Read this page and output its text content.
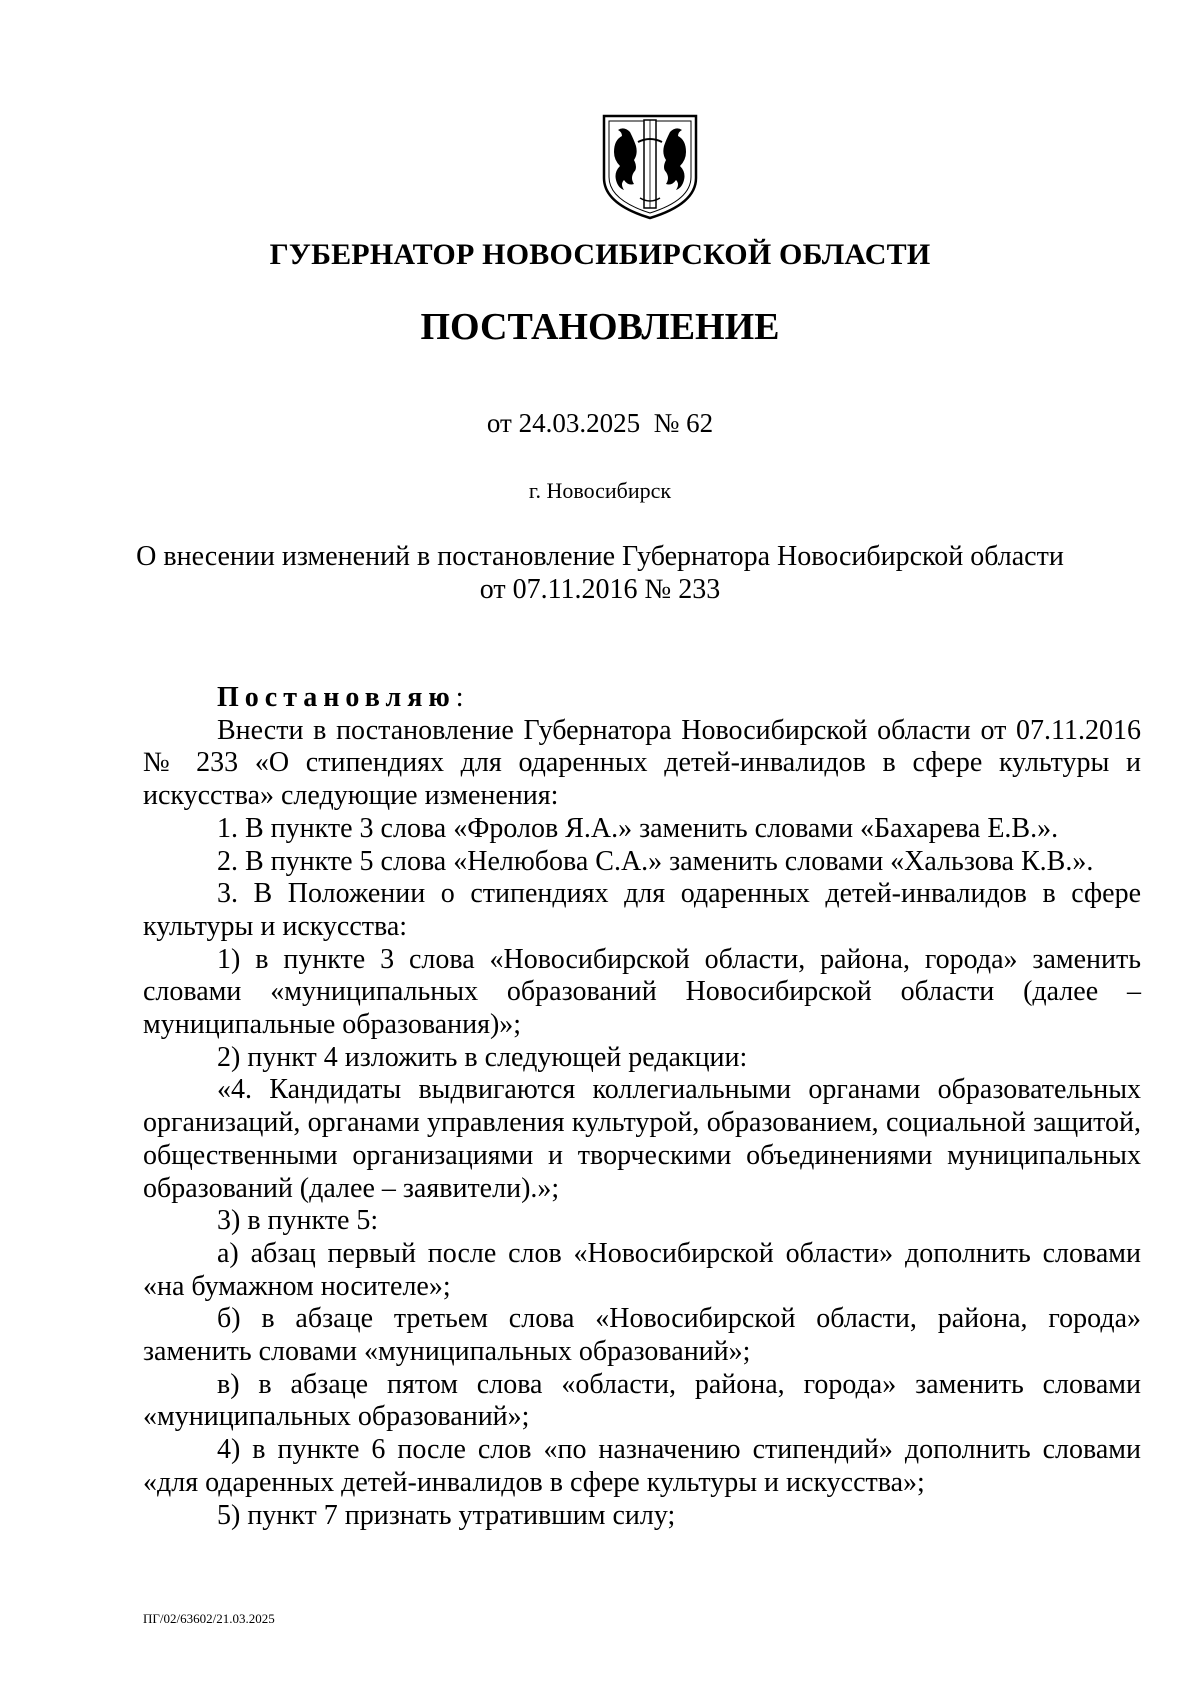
ГУБЕРНАТОР НОВОСИБИРСКОЙ ОБЛАСТИ
ПОСТАНОВЛЕНИЕ
от 24.03.2025  № 62
г. Новосибирск
О внесении изменений в постановление Губернатора Новосибирской области
от 07.11.2016 № 233

Постановляю:

Внести в постановление Губернатора Новосибирской области от 07.11.2016 № 233 «О стипендиях для одаренных детей-инвалидов в сфере культуры и искусства» следующие изменения:

1. В пункте 3 слова «Фролов Я.А.» заменить словами «Бахарева Е.В.».

2. В пункте 5 слова «Нелюбова С.А.» заменить словами «Хальзова К.В.».

3. В Положении о стипендиях для одаренных детей-инвалидов в сфере культуры и искусства:

1) в пункте 3 слова «Новосибирской области, района, города» заменить словами «муниципальных образований Новосибирской области (далее – муниципальные образования)»;

2) пункт 4 изложить в следующей редакции:

«4. Кандидаты выдвигаются коллегиальными органами образовательных организаций, органами управления культурой, образованием, социальной защитой, общественными организациями и творческими объединениями муниципальных образований (далее – заявители).»;

3) в пункте 5:

а) абзац первый после слов «Новосибирской области» дополнить словами «на бумажном носителе»;

б) в абзаце третьем слова «Новосибирской области, района, города» заменить словами «муниципальных образований»;

в) в абзаце пятом слова «области, района, города» заменить словами «муниципальных образований»;

4) в пункте 6 после слов «по назначению стипендий» дополнить словами «для одаренных детей-инвалидов в сфере культуры и искусства»;

5) пункт 7 признать утратившим силу;

ПГ/02/63602/21.03.2025
